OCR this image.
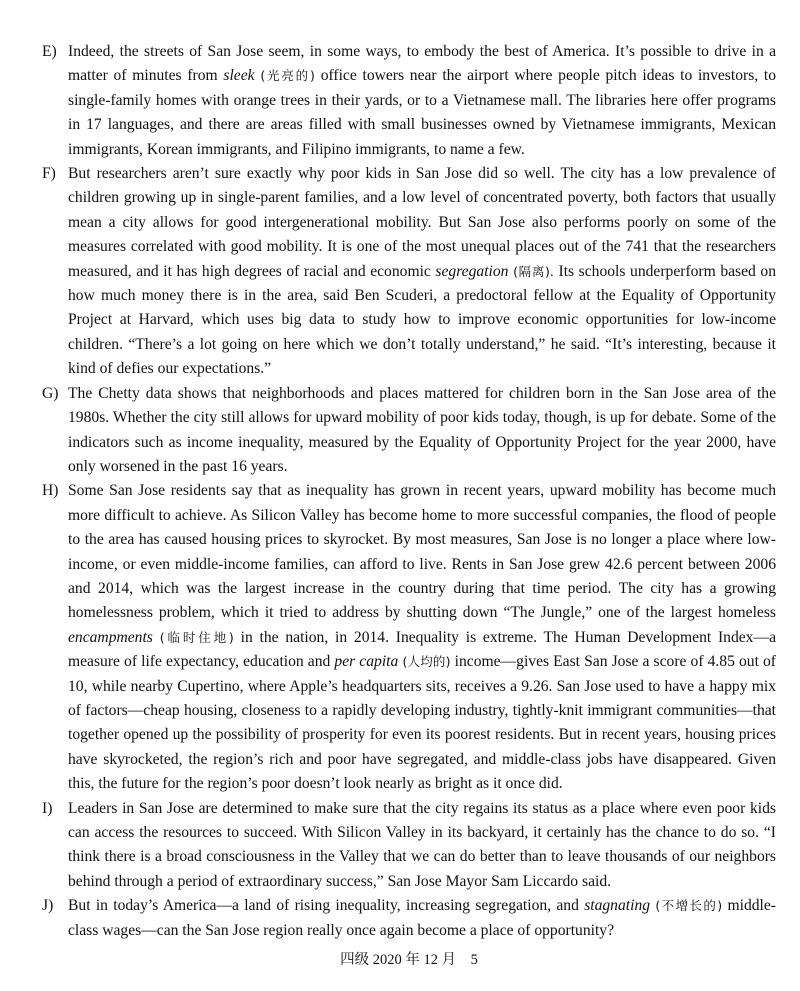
E) Indeed, the streets of San Jose seem, in some ways, to embody the best of America. It’s possible to drive in a matter of minutes from sleek (光亮的) office towers near the airport where people pitch ideas to investors, to single-family homes with orange trees in their yards, or to a Vietnamese mall. The libraries here offer programs in 17 languages, and there are areas filled with small businesses owned by Vietnamese immigrants, Mexican immigrants, Korean immigrants, and Filipino immigrants, to name a few.

F) But researchers aren’t sure exactly why poor kids in San Jose did so well. The city has a low prevalence of children growing up in single-parent families, and a low level of concentrated poverty, both factors that usually mean a city allows for good intergenerational mobility. But San Jose also performs poorly on some of the measures correlated with good mobility. It is one of the most unequal places out of the 741 that the researchers measured, and it has high degrees of racial and economic segregation (隔离). Its schools underperform based on how much money there is in the area, said Ben Scuderi, a predoctoral fellow at the Equality of Opportunity Project at Harvard, which uses big data to study how to improve economic opportunities for low-income children. “There’s a lot going on here which we don’t totally understand,” he said. “It’s interesting, because it kind of defies our expectations.”

G) The Chetty data shows that neighborhoods and places mattered for children born in the San Jose area of the 1980s. Whether the city still allows for upward mobility of poor kids today, though, is up for debate. Some of the indicators such as income inequality, measured by the Equality of Opportunity Project for the year 2000, have only worsened in the past 16 years.

H) Some San Jose residents say that as inequality has grown in recent years, upward mobility has become much more difficult to achieve. As Silicon Valley has become home to more successful companies, the flood of people to the area has caused housing prices to skyrocket. By most measures, San Jose is no longer a place where low-income, or even middle-income families, can afford to live. Rents in San Jose grew 42.6 percent between 2006 and 2014, which was the largest increase in the country during that time period. The city has a growing homelessness problem, which it tried to address by shutting down “The Jungle,” one of the largest homeless encampments (临时住地) in the nation, in 2014. Inequality is extreme. The Human Development Index—a measure of life expectancy, education and per capita (人均的) income—gives East San Jose a score of 4.85 out of 10, while nearby Cupertino, where Apple’s headquarters sits, receives a 9.26. San Jose used to have a happy mix of factors—cheap housing, closeness to a rapidly developing industry, tightly-knit immigrant communities—that together opened up the possibility of prosperity for even its poorest residents. But in recent years, housing prices have skyrocketed, the region’s rich and poor have segregated, and middle-class jobs have disappeared. Given this, the future for the region’s poor doesn’t look nearly as bright as it once did.

I) Leaders in San Jose are determined to make sure that the city regains its status as a place where even poor kids can access the resources to succeed. With Silicon Valley in its backyard, it certainly has the chance to do so. “I think there is a broad consciousness in the Valley that we can do better than to leave thousands of our neighbors behind through a period of extraordinary success,” San Jose Mayor Sam Liccardo said.

J) But in today’s America—a land of rising inequality, increasing segregation, and stagnating (不增长的) middle-class wages—can the San Jose region really once again become a place of opportunity?

四级 2020 年 12 月　5
